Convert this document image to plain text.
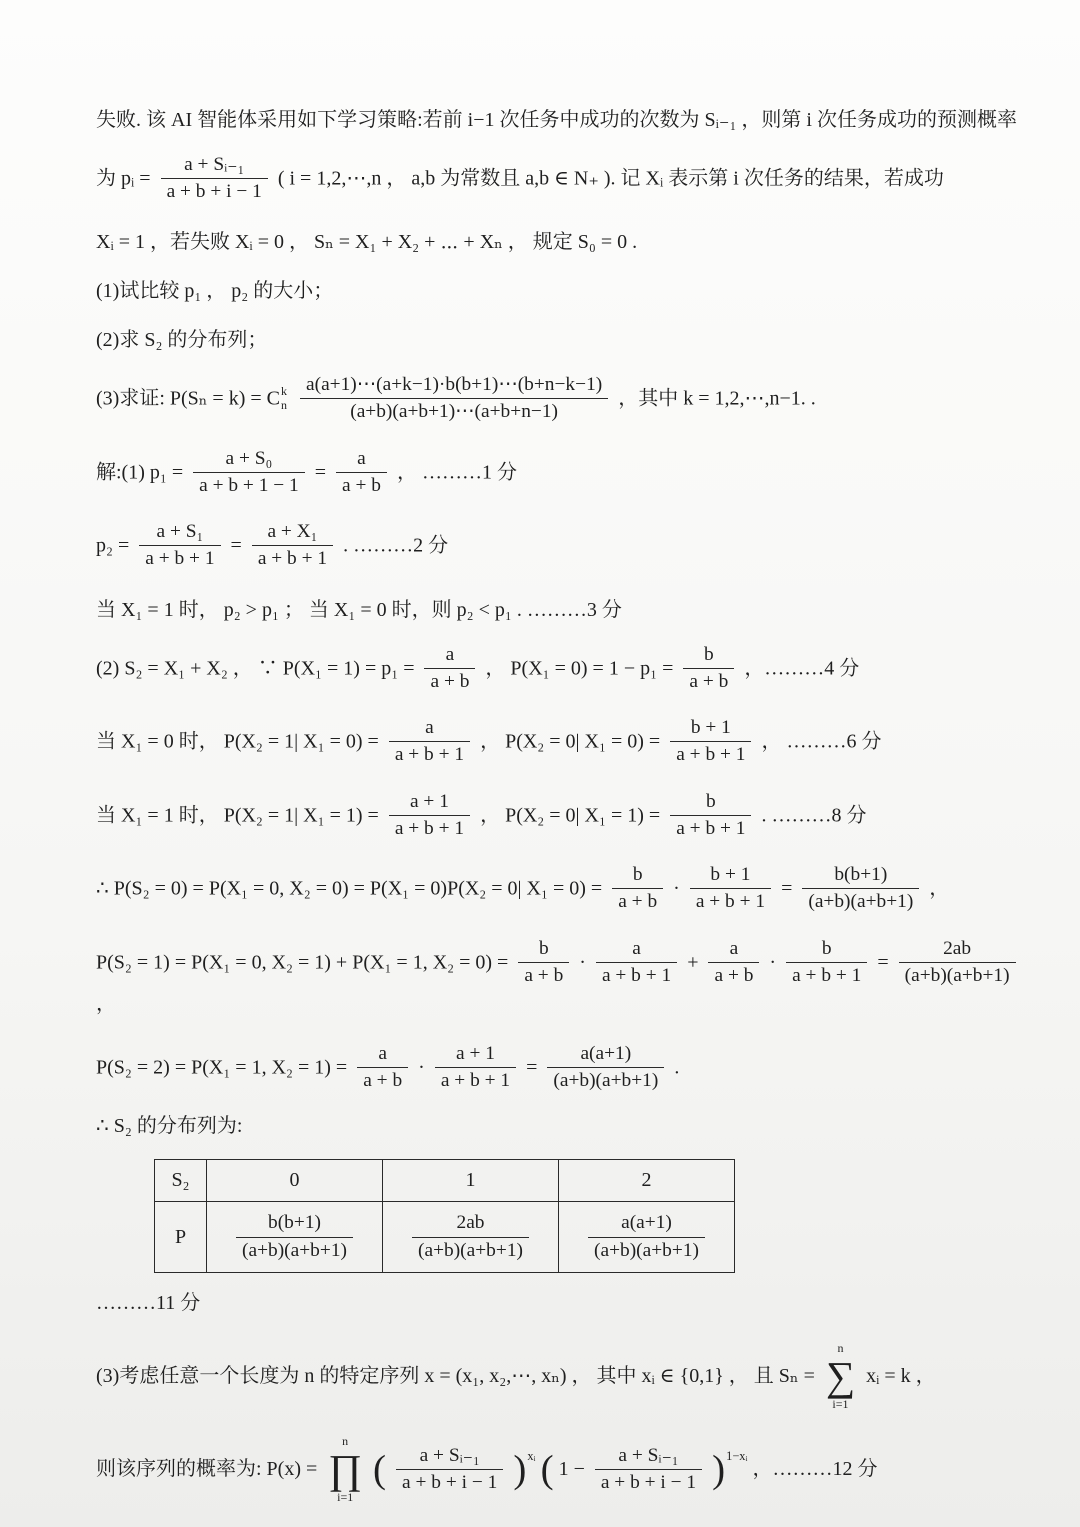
失败. 该 AI 智能体采用如下学习策略:若前 i−1 次任务中成功的次数为 Sᵢ₋₁ ，则第 i 次任务成功的预测概率
为 pᵢ = $\frac{\text{a + Sᵢ₋₁}}{a + b + i - 1}$ ( i = 1,2,⋯,n ， a,b 为常数且 a,b ∈ N₊ ). 记 Xᵢ 表示第 i 次任务的结果，若成功
Xᵢ = 1 ，若失败 Xᵢ = 0 ， Sₙ = X₁ + X₂ + ⋯ + Xₙ ， 规定 S₀ = 0 .
(1)试比较 p₁ ， p₂ 的大小；
(2)求 S₂ 的分布列；
(3)求证: P(Sₙ = k) = C k
n
$\frac{a(a+1)\cdots(a+k-1)\cdot b(b+1)\cdots(b+n-k-1)}{(a+b)(a+b+1)\cdots(a+b+n-1)}$ ，其中 k = 1,2,⋯,n−1. .
解:(1) $p_1 = \frac{\text{a + S₀}}{a + b + 1 - 1} = \frac{a}{a + b}$ ， ………1 分
$p_2 = \frac{\text{a + S₁}}{a + b + 1} = \frac{\text{a + X₁}}{a + b + 1}$ . ………2 分
当 X₁ = 1 时， p₂ > p₁ ； 当 X₁ = 0 时，则 p₂ < p₁ . ………3 分
(2) S₂ = X₁ + X₂ ， ∵ $P(X_1 = 1) = p_1 = \frac{a}{a + b}$ ， $P(X_1 = 0) = 1 - p_1 = \frac{b}{a + b}$ ，………4 分
当 X₁ = 0 时， P(X₂ = 1| $X_1 = 0) = \frac{a}{a + b + 1}$ ， P(X₂ = 0| $X_1 = 0) = \frac{b + 1}{a + b + 1}$ ， ………6 分
当 X₁ = 1 时， P(X₂ = 1| $X_1 = 1) = \frac{a + 1}{a + b + 1}$ ， P(X₂ = 0| $X_1 = 1) = \frac{b}{a + b + 1}$ . ………8 分
∴ P(S₂ = 0) = P(X₁ = 0, X₂ = 0) = P(X₁ = 0)P(X₂ = 0| $X_1 = 0) = \frac{b}{a + b} \cdot \frac{b + 1}{a + b + 1} = \frac{b(b+1)}{(a+b)(a+b+1)}$ ，
P(S₂ = 1) = P(X₁ = 0, X₂ = 1) + P(X₁ = 1, $X_2 = 0) = \frac{b}{a + b} \cdot \frac{a}{a + b + 1} + \frac{a}{a + b} \cdot \frac{b}{a + b + 1} = \frac{2ab}{(a+b)(a+b+1)}$
，
P(S₂ = 2) = P(X₁ = 1, $X_2 = 1) = \frac{a}{a + b} \cdot \frac{a + 1}{a + b + 1} = \frac{a(a+1)}{(a+b)(a+b+1)}$ .
∴ S₂ 的分布列为:
S₂	0	1	2
P	$\frac{b(b+1)}{(a+b)(a+b+1)}$	$\frac{2ab}{(a+b)(a+b+1)}$	$\frac{a(a+1)}{(a+b)(a+b+1)}$
………11 分
(3)考虑任意一个长度为 n 的特定序列 x = (x₁, x₂,⋯, xₙ) ， 其中 xᵢ ∈ {0,1} ， 且 Sₙ =
n
∑
i=1
xᵢ = k ，
则该序列的概率为: P(x) =
n
∏
i=1
( $\frac{\text{a + Sᵢ₋₁}}{a + b + i - 1} )^{xᵢ}$ ( $1 - \frac{\text{a + Sᵢ₋₁}}{a + b + i - 1} )^{1-xᵢ}$ ，………12 分
